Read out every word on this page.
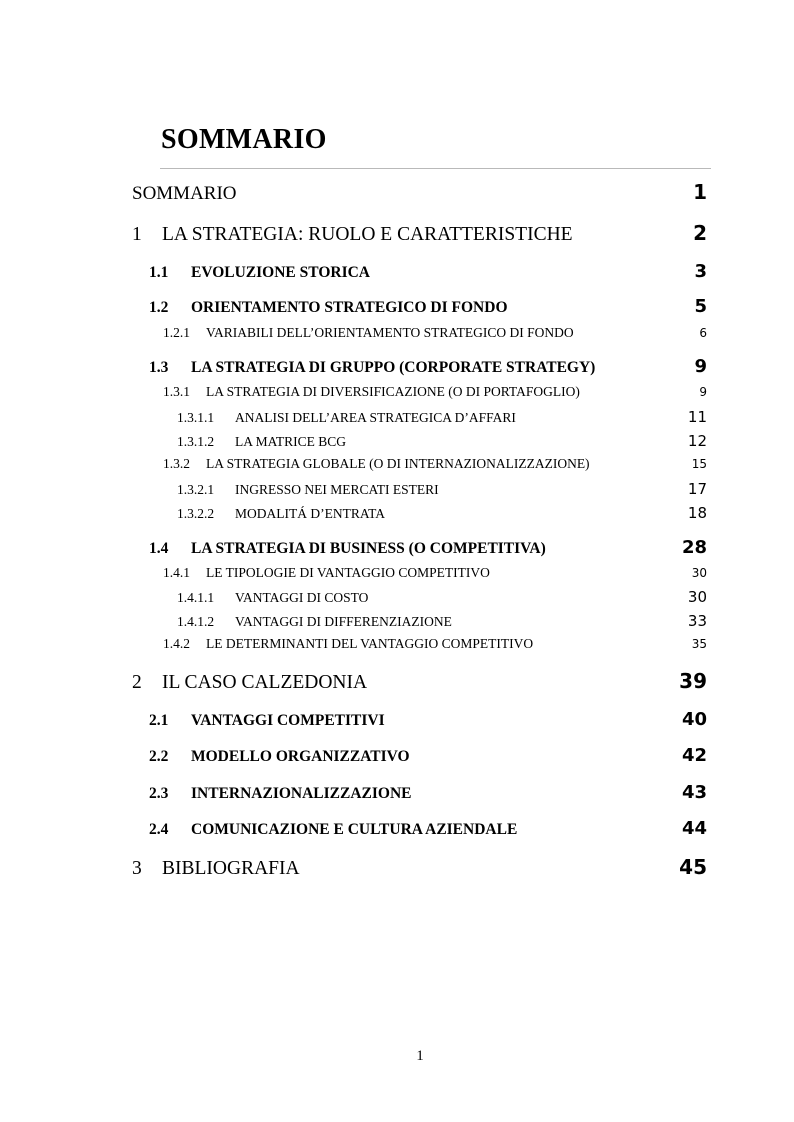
SOMMARIO
SOMMARIO	1
1	LA STRATEGIA: RUOLO E CARATTERISTICHE	2
1.1	EVOLUZIONE STORICA	3
1.2	ORIENTAMENTO STRATEGICO DI FONDO	5
1.2.1	VARIABILI DELL’ORIENTAMENTO STRATEGICO DI FONDO	6
1.3	LA STRATEGIA DI GRUPPO (CORPORATE STRATEGY)	9
1.3.1	LA STRATEGIA DI DIVERSIFICAZIONE (O DI PORTAFOGLIO)	9
1.3.1.1	ANALISI DELL’AREA STRATEGICA D’AFFARI	11
1.3.1.2	LA MATRICE BCG	12
1.3.2	LA STRATEGIA GLOBALE (O DI INTERNAZIONALIZZAZIONE)	15
1.3.2.1	INGRESSO NEI MERCATI ESTERI	17
1.3.2.2	MODALITÁ D’ENTRATA	18
1.4	LA STRATEGIA DI BUSINESS (O COMPETITIVA)	28
1.4.1	LE TIPOLOGIE DI VANTAGGIO COMPETITIVO	30
1.4.1.1	VANTAGGI DI COSTO	30
1.4.1.2	VANTAGGI DI DIFFERENZIAZIONE	33
1.4.2	LE DETERMINANTI DEL VANTAGGIO COMPETITIVO	35
2	IL CASO CALZEDONIA	39
2.1	VANTAGGI COMPETITIVI	40
2.2	MODELLO ORGANIZZATIVO	42
2.3	INTERNAZIONALIZZAZIONE	43
2.4	COMUNICAZIONE E CULTURA AZIENDALE	44
3	BIBLIOGRAFIA	45
1
